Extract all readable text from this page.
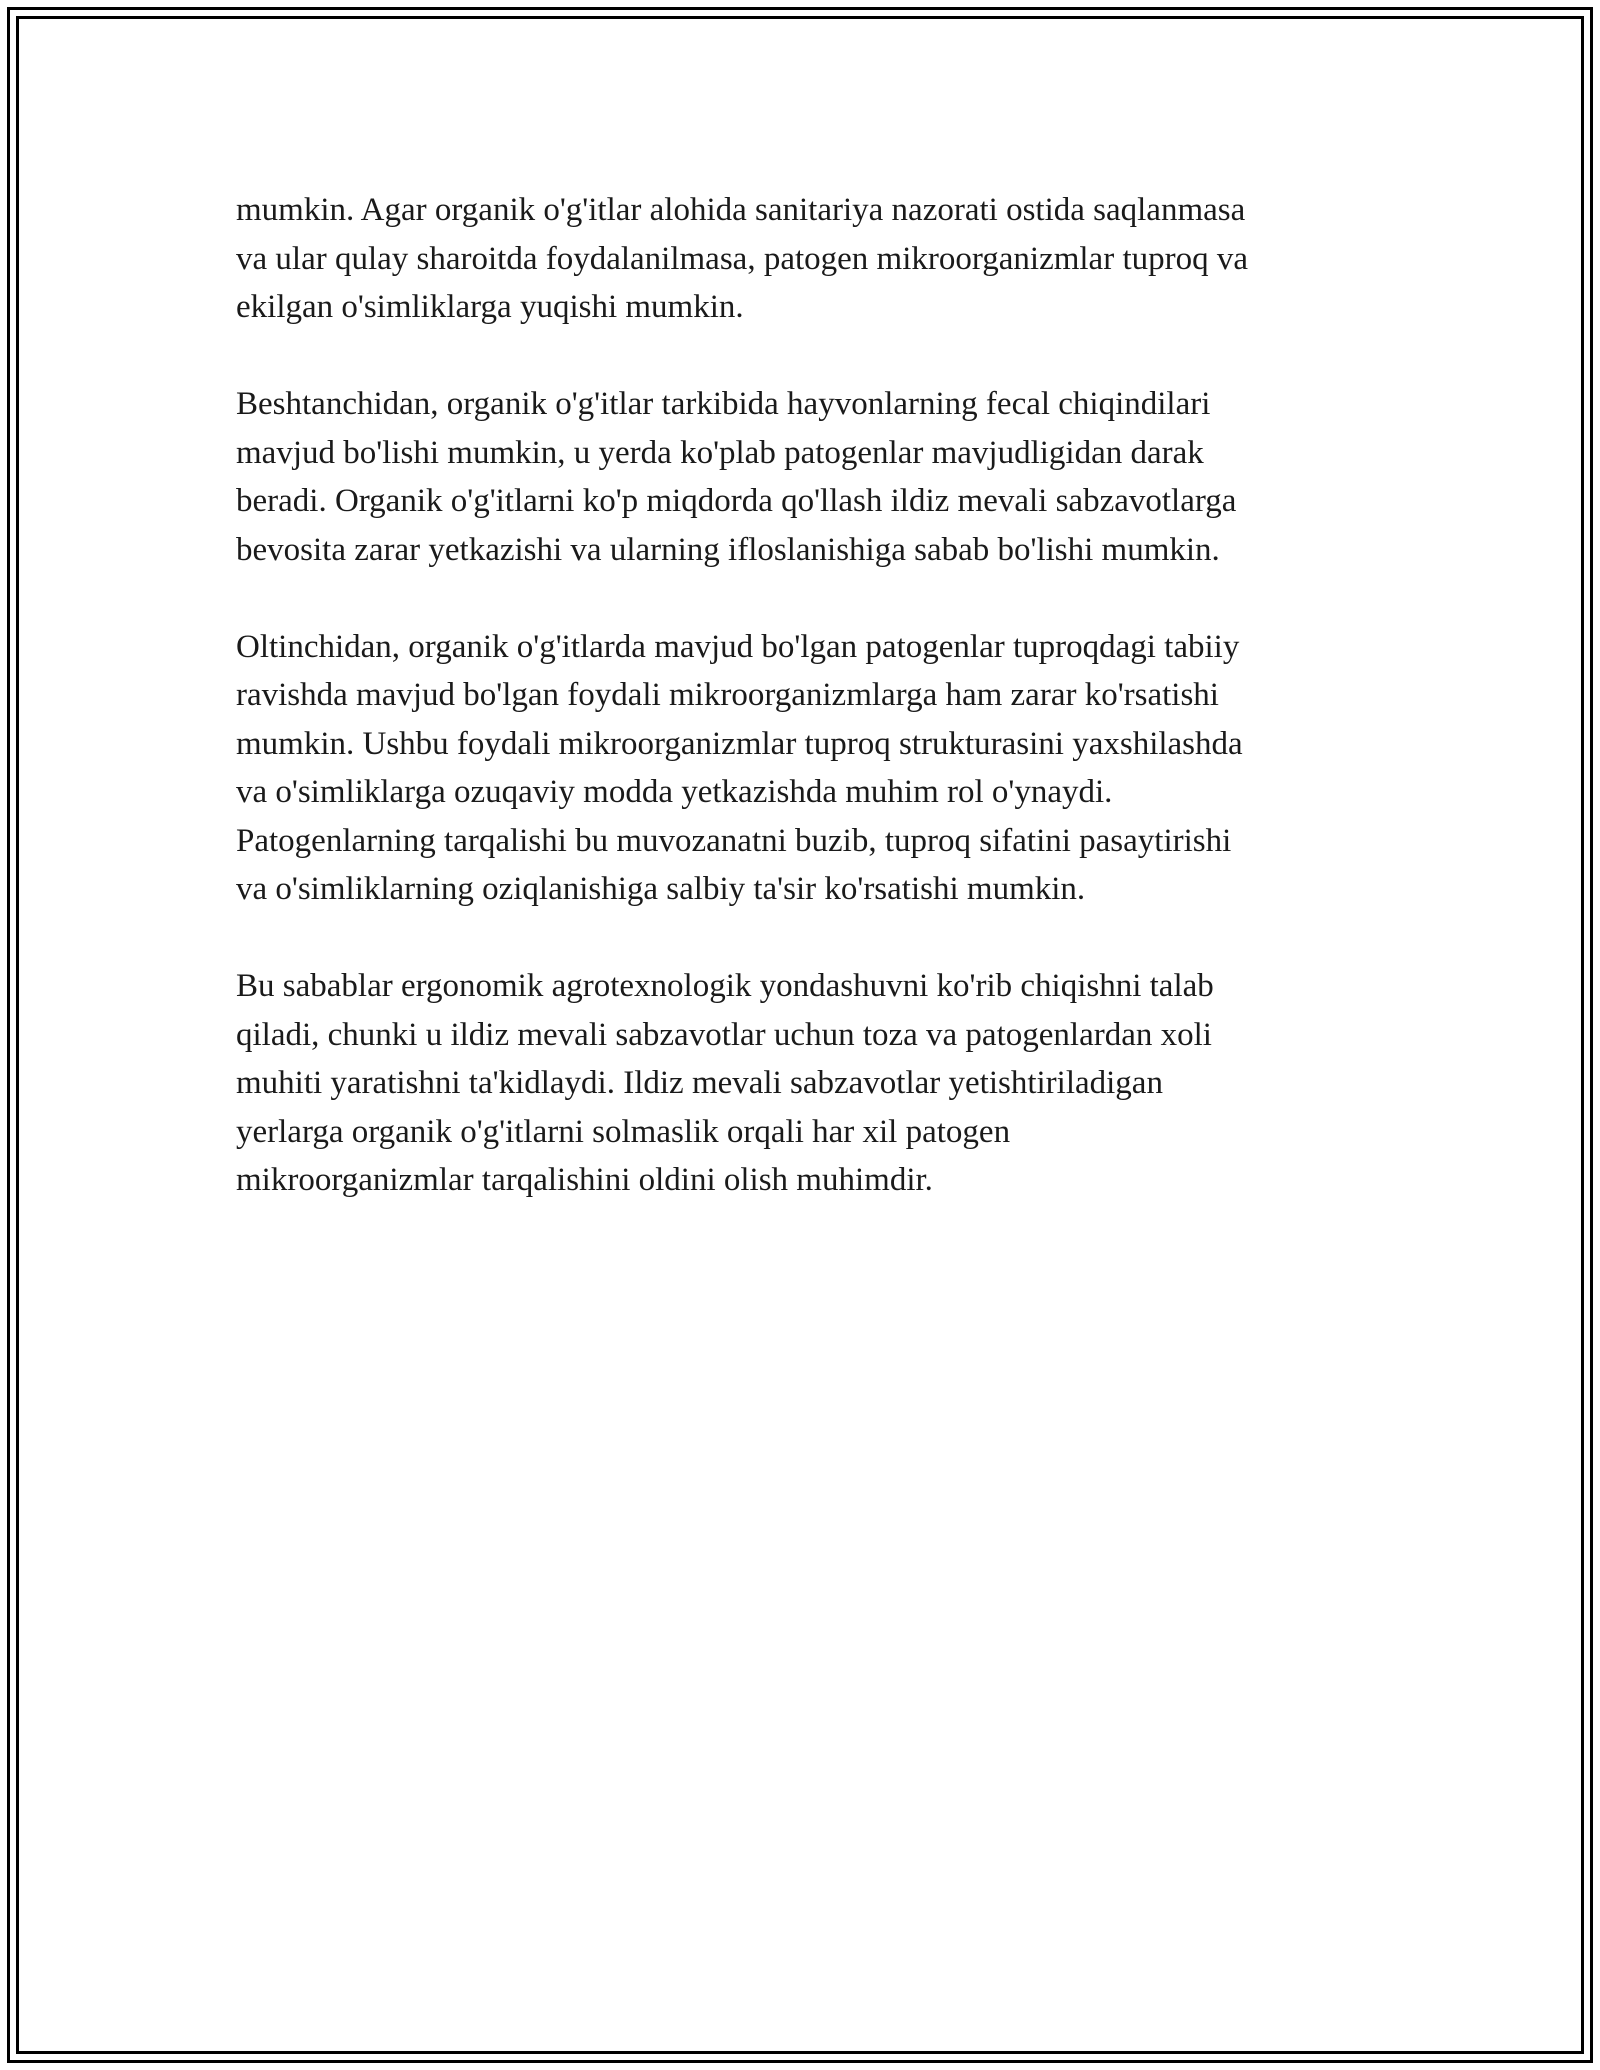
mumkin. Agar organik o'g'itlar alohida sanitariya nazorati ostida saqlanmasa
va ular qulay sharoitda foydalanilmasa, patogen mikroorganizmlar tuproq va
ekilgan o'simliklarga yuqishi mumkin.

Beshtanchidan, organik o'g'itlar tarkibida hayvonlarning fecal chiqindilari
mavjud bo'lishi mumkin, u yerda ko'plab patogenlar mavjudligidan darak
beradi. Organik o'g'itlarni ko'p miqdorda qo'llash ildiz mevali sabzavotlarga
bevosita zarar yetkazishi va ularning ifloslanishiga sabab bo'lishi mumkin.

Oltinchidan, organik o'g'itlarda mavjud bo'lgan patogenlar tuproqdagi tabiiy
ravishda mavjud bo'lgan foydali mikroorganizmlarga ham zarar ko'rsatishi
mumkin. Ushbu foydali mikroorganizmlar tuproq strukturasini yaxshilashda
va o'simliklarga ozuqaviy modda yetkazishda muhim rol o'ynaydi.
Patogenlarning tarqalishi bu muvozanatni buzib, tuproq sifatini pasaytirishi
va o'simliklarning oziqlanishiga salbiy ta'sir ko'rsatishi mumkin.

Bu sabablar ergonomik agrotexnologik yondashuvni ko'rib chiqishni talab
qiladi, chunki u ildiz mevali sabzavotlar uchun toza va patogenlardan xoli
muhiti yaratishni ta'kidlaydi. Ildiz mevali sabzavotlar yetishtiriladigan
yerlarga organik o'g'itlarni solmaslik orqali har xil patogen
mikroorganizmlar tarqalishini oldini olish muhimdir.
